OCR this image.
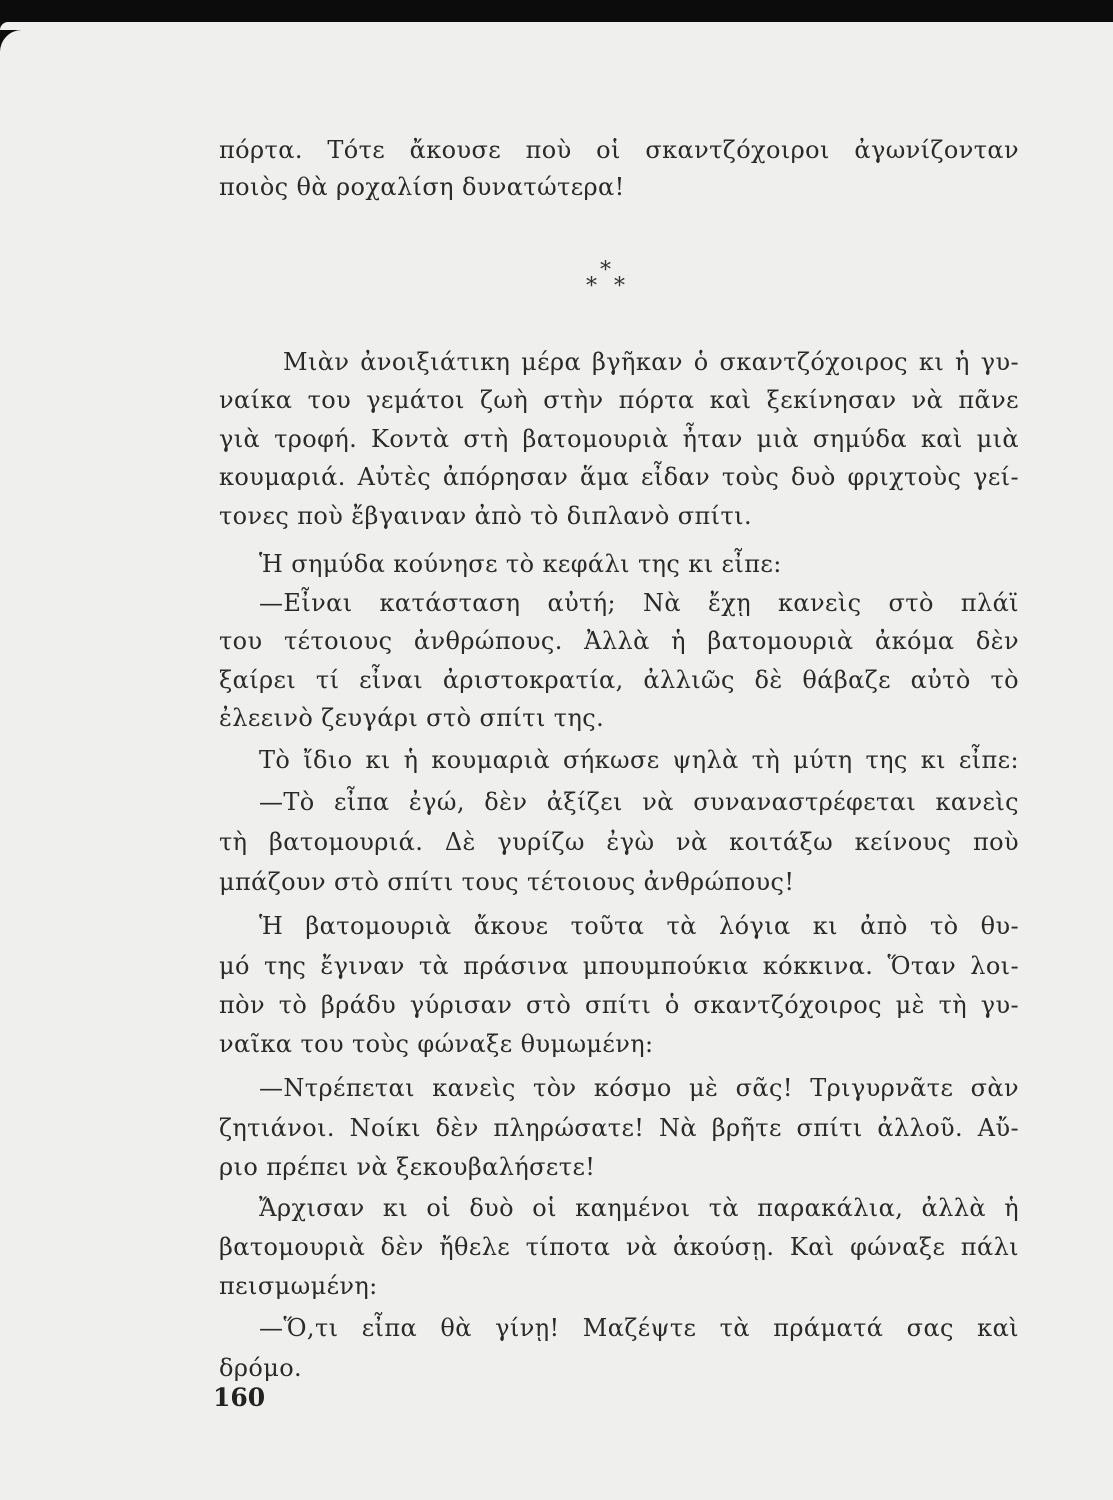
*
* *
πόρτα. Τότε ἄκουσε ποὺ οἱ σκαντζόχοιροι ἀγωνίζονταν
ποιὸς θὰ ροχαλίση δυνατώτερα!
Μιὰν ἀνοιξιάτικη μέρα βγῆκαν ὁ σκαντζόχοιρος κι ἡ γυ-
ναίκα του γεμάτοι ζωὴ στὴν πόρτα καὶ ξεκίνησαν νὰ πᾶνε
γιὰ τροφή. Κοντὰ στὴ βατομουριὰ ἦταν μιὰ σημύδα καὶ μιὰ
κουμαριά. Αὐτὲς ἀπόρησαν ἅμα εἶδαν τοὺς δυὸ φριχτοὺς γεί-
τονες ποὺ ἔβγαιναν ἀπὸ τὸ διπλανὸ σπίτι.
Ἡ σημύδα κούνησε τὸ κεφάλι της κι εἶπε:
—Εἶναι κατάσταση αὐτή; Νὰ ἔχῃ κανεὶς στὸ πλάϊ
του τέτοιους ἀνθρώπους. Ἀλλὰ ἡ βατομουριὰ ἀκόμα δὲν
ξαίρει τί εἶναι ἀριστοκρατία, ἀλλιῶς δὲ θάβαζε αὐτὸ τὸ
ἐλεεινὸ ζευγάρι στὸ σπίτι της.
Τὸ ἴδιο κι ἡ κουμαριὰ σήκωσε ψηλὰ τὴ μύτη της κι εἶπε:
—Τὸ εἶπα ἐγώ, δὲν ἀξίζει νὰ συναναστρέφεται κανεὶς
τὴ βατομουριά. Δὲ γυρίζω ἐγὼ νὰ κοιτάξω κείνους ποὺ
μπάζουν στὸ σπίτι τους τέτοιους ἀνθρώπους!
Ἡ βατομουριὰ ἄκουε τοῦτα τὰ λόγια κι ἀπὸ τὸ θυ-
μό της ἔγιναν τὰ πράσινα μπουμπούκια κόκκινα. Ὅταν λοι-
πὸν τὸ βράδυ γύρισαν στὸ σπίτι ὁ σκαντζόχοιρος μὲ τὴ γυ-
ναῖκα του τοὺς φώναξε θυμωμένη:
—Ντρέπεται κανεὶς τὸν κόσμο μὲ σᾶς! Τριγυρνᾶτε σὰν
ζητιάνοι. Νοίκι δὲν πληρώσατε! Νὰ βρῆτε σπίτι ἀλλοῦ. Αὔ-
ριο πρέπει νὰ ξεκουβαλήσετε!
Ἄρχισαν κι οἱ δυὸ οἱ καημένοι τὰ παρακάλια, ἀλλὰ ἡ
βατομουριὰ δὲν ἤθελε τίποτα νὰ ἀκούσῃ. Καὶ φώναξε πάλι
πεισμωμένη:
—Ὅ,τι εἶπα θὰ γίνῃ! Μαζέψτε τὰ πράματά σας καὶ
δρόμο.
160
